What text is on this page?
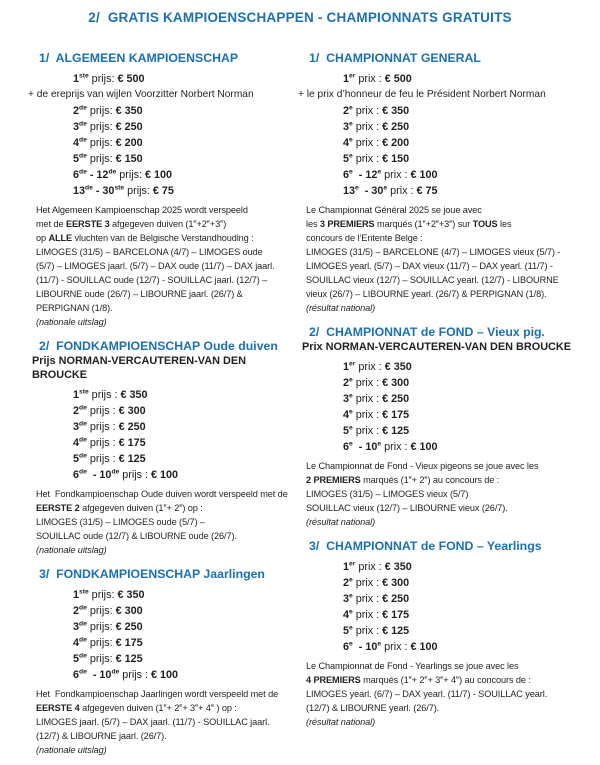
2/  GRATIS KAMPIOENSCHAPPEN - CHAMPIONNATS GRATUITS
1/  ALGEMEEN KAMPIOENSCHAP
1ste prijs: € 500
+ de ereprijs van wijlen Voorzitter Norbert Norman
2de prijs: € 350
3de prijs: € 250
4de prijs: € 200
5de prijs: € 150
6de - 12de prijs: € 100
13de - 30ste prijs: € 75

Het Algemeen Kampioenschap 2025 wordt verspeeld
met de EERSTE 3 afgegeven duiven $(1^e+2^e+3^e)$
op ALLE vluchten van de Belgische Verstandhouding :
LIMOGES (31/5) – BARCELONA (4/7) – LIMOGES oude
(5/7) – LIMOGES jaarl. (5/7) – DAX oude (11/7) – DAX jaarl.
(11/7) - SOUILLAC oude (12/7) - SOUILLAC jaarl. (12/7) –
LIBOURNE oude (26/7) – LIBOURNE jaarl. (26/7) &
PERPIGNAN (1/8).
(nationale uitslag)

2/  FONDKAMPIOENSCHAP Oude duiven
Prijs NORMAN-VERCAUTEREN-VAN DEN BROUCKE
1ste prijs : € 350
2de prijs : € 300
3de prijs : € 250
4de prijs : € 175
5de prijs : € 125
6de  - 10de prijs : € 100

Het  Fondkampioenschap Oude duiven wordt verspeeld met de
EERSTE 2 afgegeven duiven $(1^e+ 2^e)$ op :
LIMOGES (31/5) – LIMOGES oude (5/7) –
SOUILLAC oude (12/7) & LIBOURNE oude (26/7).
(nationale uitslag)

3/  FONDKAMPIOENSCHAP Jaarlingen
1ste prijs: € 350
2de prijs: € 300
3de prijs: € 250
4de prijs: € 175
5de prijs: € 125
6de  - 10de prijs : € 100

Het  Fondkampioenschap Jaarlingen wordt verspeeld met de
EERSTE 4 afgegeven duiven ($1^e+ 2^e+ 3^e+ 4^e$ ) op :
LIMOGES jaarl. (5/7) – DAX jaarl. (11/7) - SOUILLAC jaarl.
(12/7) & LIBOURNE jaarl. (26/7).
(nationale uitslag)

1/  CHAMPIONNAT GENERAL
1er prix : € 500
+ le prix d’honneur de feu le Président Norbert Norman
2e prix : € 350
3e prix : € 250
4e prix : € 200
5e prix : € 150
6e  - 12e prix : € 100
13e  - 30e prix : € 75

Le Championnat Général 2025 se joue avec
les 3 PREMIERS marqués $(1^e+2^e+3^e)$ sur TOUS les
concours de l’Entente Belge :
LIMOGES (31/5) – BARCELONE (4/7) – LIMOGES vieux (5/7) -
LIMOGES yearl. (5/7) – DAX vieux (11/7) – DAX yearl. (11/7) -
SOUILLAC vieux (12/7) – SOUILLAC yearl. (12/7) - LIBOURNE
vieux (26/7) – LIBOURNE yearl. (26/7) & PERPIGNAN (1/8).
(résultat national)

2/  CHAMPIONNAT de FOND – Vieux pig.
Prix NORMAN-VERCAUTEREN-VAN DEN BROUCKE
1er prix : € 350
2e prix : € 300
3e prix : € 250
4e prix : € 175
5e prix : € 125
6e  - 10e prix : € 100

Le Championnat de Fond - Vieux pigeons se joue avec les
2 PREMIERS marqués $(1^e+ 2^e)$ au concours de :
LIMOGES (31/5) – LIMOGES vieux (5/7)
SOUILLAC vieux (12/7) – LIBOURNE vieux (26/7).
(résultat national)

3/  CHAMPIONNAT de FOND – Yearlings
1er prix : € 350
2e prix : € 300
3e prix : € 250
4e prix : € 175
5e prix : € 125
6e  - 10e prix : € 100

Le Championnat de Fond - Yearlings se joue avec les
4 PREMIERS marqués $(1^e+ 2^e+ 3^e+ 4^e)$ au concours de :
LIMOGES yearl. (6/7) – DAX yearl. (11/7) - SOUILLAC yearl.
(12/7) & LIBOURNE yearl. (26/7).
(résultat national)
